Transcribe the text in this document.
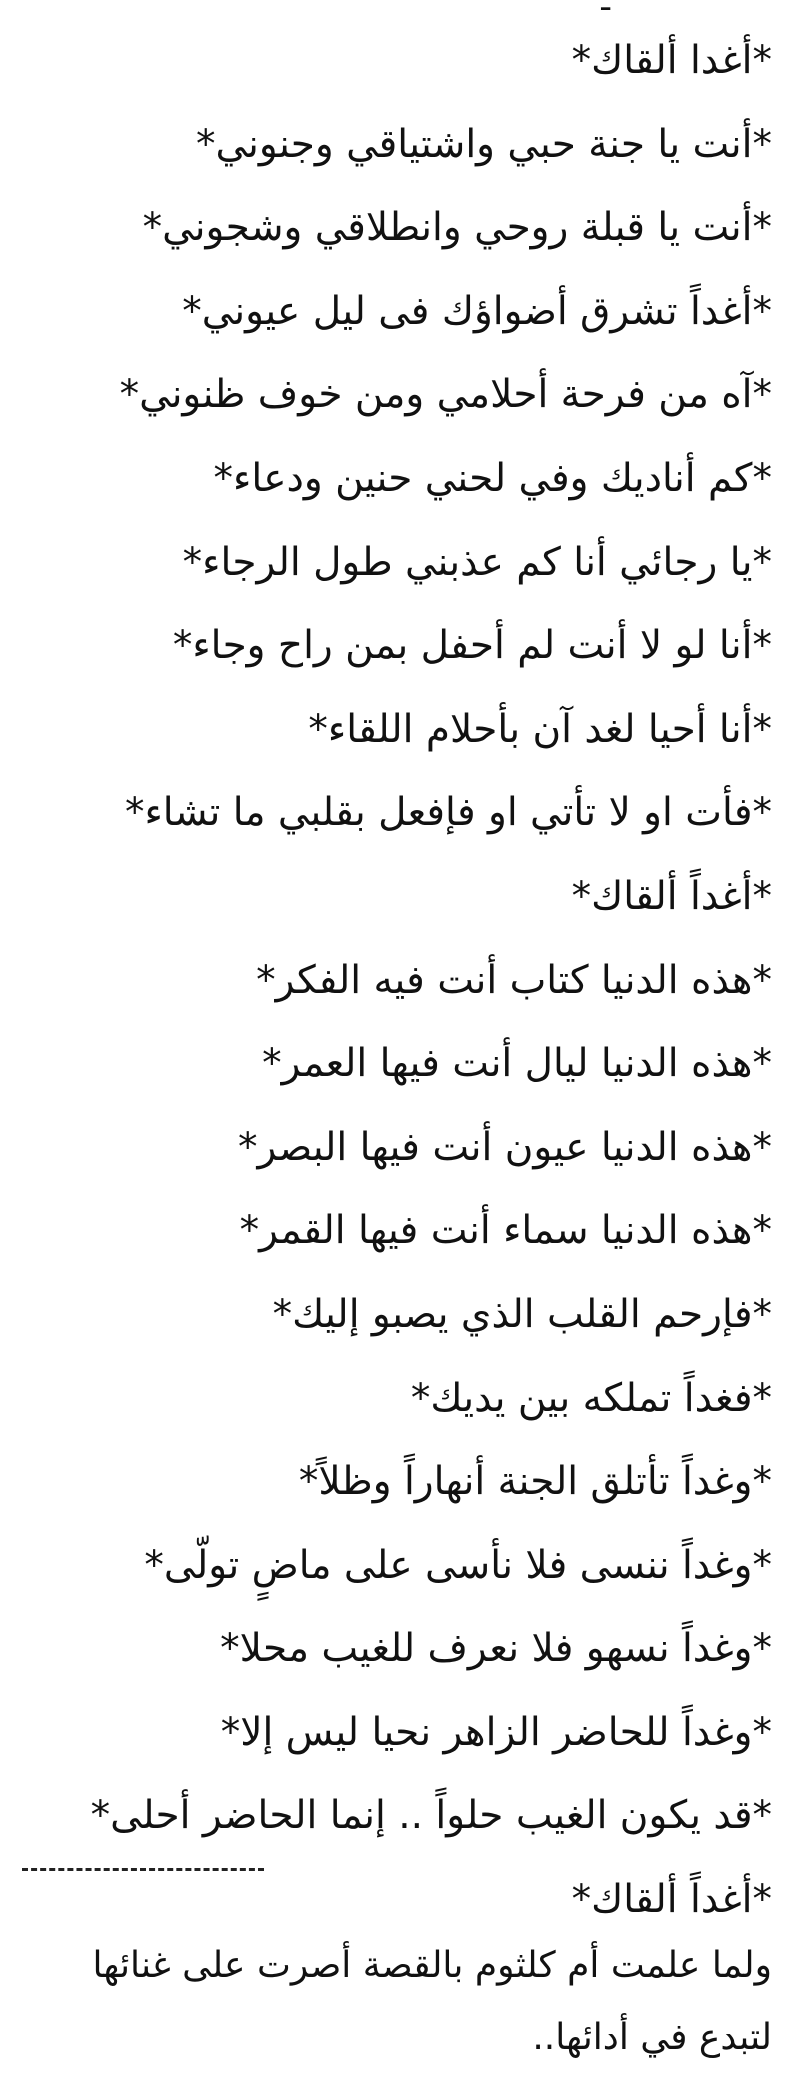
ـ
*أغدا ألقاك*
*أنت يا جنة حبي واشتياقي وجنوني*
*أنت يا قبلة روحي وانطلاقي وشجوني*
*أغداً تشرق أضواؤك فى ليل عيوني*
*آه من فرحة أحلامي ومن خوف ظنوني*
*كم أناديك وفي لحني حنين ودعاء*
*يا رجائي أنا كم عذبني طول الرجاء*
*أنا لو لا أنت لم أحفل بمن راح وجاء*
*أنا أحيا لغد آن بأحلام اللقاء*
*فأت او لا تأتي او فإفعل بقلبي ما تشاء*
*أغداً ألقاك*
*هذه الدنيا كتاب أنت فيه الفكر*
*هذه الدنيا ليال أنت فيها العمر*
*هذه الدنيا عيون أنت فيها البصر*
*هذه الدنيا سماء أنت فيها القمر*
*فإرحم القلب الذي يصبو إليك*
*فغداً تملكه بين يديك*
*وغداً تأتلق الجنة أنهاراً وظلاً*
*وغداً ننسى فلا نأسى على ماضٍ تولّى*
*وغداً نسهو فلا نعرف للغيب محلا*
*وغداً للحاضر الزاهر نحيا ليس إلا*
*قد يكون الغيب حلواً .. إنما الحاضر أحلى*
*أغداً ألقاك*
ولما علمت أم كلثوم بالقصة أصرت على غنائها
لتبدع في أدائها..
